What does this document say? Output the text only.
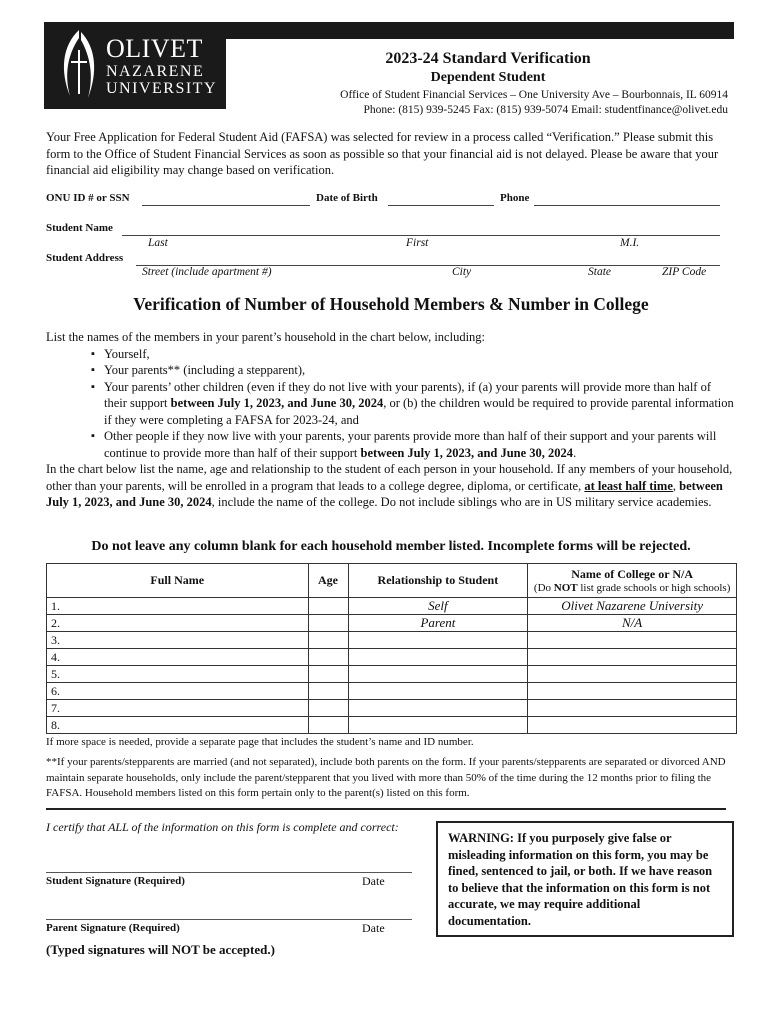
OLIVET
NAZARENE
UNIVERSITY
2023-24 Standard Verification
Dependent Student
Office of Student Financial Services – One University Ave – Bourbonnais, IL 60914
Phone: (815) 939-5245 Fax: (815) 939-5074 Email: studentfinance@olivet.edu
Your Free Application for Federal Student Aid (FAFSA) was selected for review in a process called “Verification.” Please submit this form to the Office of Student Financial Services as soon as possible so that your financial aid is not delayed. Please be aware that your financial aid eligibility may change based on verification.
ONU ID # or SSN	Date of Birth	Phone
Student Name
Last	First	M.I.
Student Address
Street (include apartment #)	City	State	ZIP Code
Verification of Number of Household Members & Number in College
List the names of the members in your parent’s household in the chart below, including:
▪ Yourself,
▪ Your parents** (including a stepparent),
▪ Your parents’ other children (even if they do not live with your parents), if (a) your parents will provide more than half of their support between July 1, 2023, and June 30, 2024, or (b) the children would be required to provide parental information if they were completing a FAFSA for 2023-24, and
▪ Other people if they now live with your parents, your parents provide more than half of their support and your parents will continue to provide more than half of their support between July 1, 2023, and June 30, 2024.
In the chart below list the name, age and relationship to the student of each person in your household. If any members of your household, other than your parents, will be enrolled in a program that leads to a college degree, diploma, or certificate, at least half time, between July 1, 2023, and June 30, 2024, include the name of the college. Do not include siblings who are in US military service academies.
Do not leave any column blank for each household member listed. Incomplete forms will be rejected.
Full Name	Age	Relationship to Student	Name of College or N/A
(Do NOT list grade schools or high schools)

1.		Self	Olivet Nazarene University
2.		Parent	N/A
3.			
4.			
5.			
6.			
7.			
8.			
If more space is needed, provide a separate page that includes the student’s name and ID number.
**If your parents/stepparents are married (and not separated), include both parents on the form. If your parents/stepparents are separated or divorced AND maintain separate households, only include the parent/stepparent that you lived with more than 50% of the time during the 12 months prior to filing the FAFSA. Household members listed on this form pertain only to the parent(s) listed on this form.
I certify that ALL of the information on this form is complete and correct:
Student Signature (Required)	Date
Parent Signature (Required)	Date
(Typed signatures will NOT be accepted.)
WARNING: If you purposely give false or misleading information on this form, you may be fined, sentenced to jail, or both. If we have reason to believe that the information on this form is not accurate, we may require additional documentation.
